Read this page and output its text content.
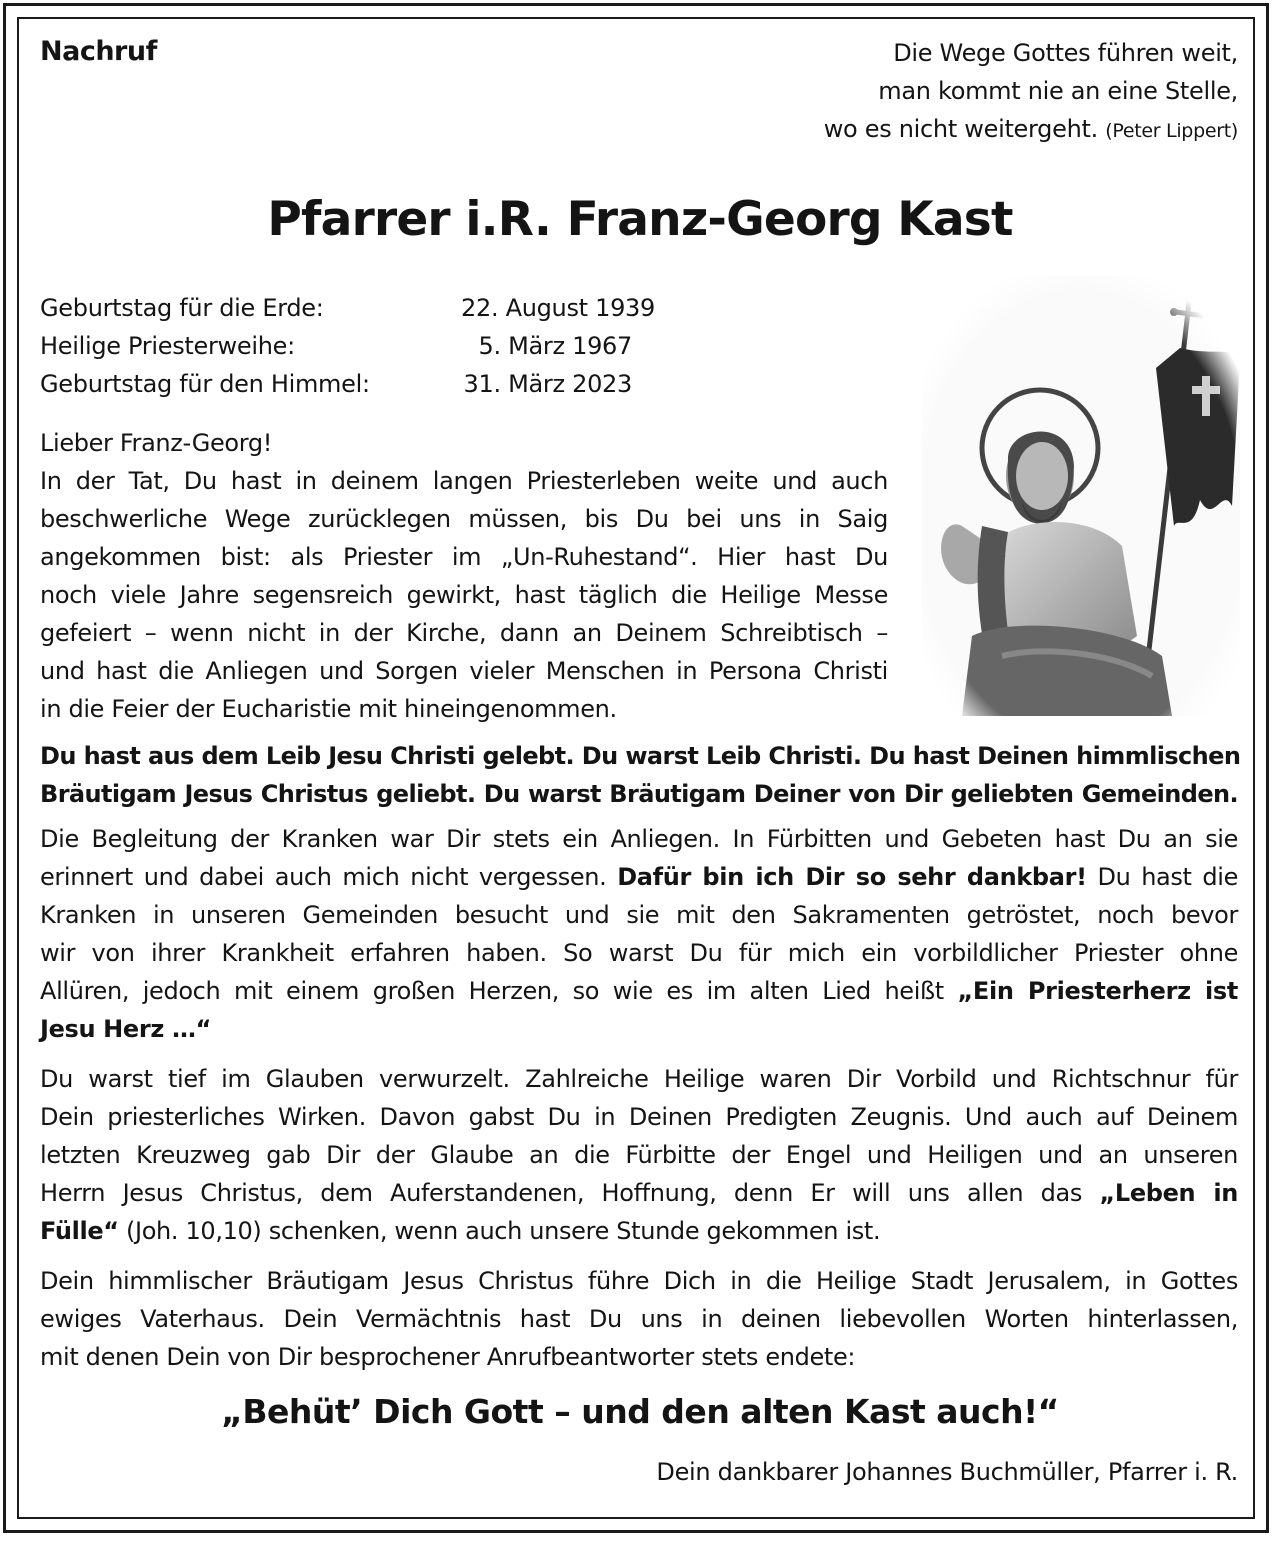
Nachruf	Die Wege Gottes führen weit,
man kommt nie an eine Stelle,
wo es nicht weitergeht. (Peter Lippert)
Pfarrer i.R. Franz-Georg Kast
Geburtstag für die Erde:	22. August 1939
Heilige Priesterweihe:	5. März 1967
Geburtstag für den Himmel:	31. März 2023
Lieber Franz-Georg!
In der Tat, Du hast in deinem langen Priesterleben weite und auch
beschwerliche Wege zurücklegen müssen, bis Du bei uns in Saig
angekommen bist: als Priester im „Un-Ruhestand“. Hier hast Du
noch viele Jahre segensreich gewirkt, hast täglich die Heilige Messe
gefeiert – wenn nicht in der Kirche, dann an Deinem Schreibtisch –
und hast die Anliegen und Sorgen vieler Menschen in Persona Christi
in die Feier der Eucharistie mit hineingenommen.
Du hast aus dem Leib Jesu Christi gelebt. Du warst Leib Christi. Du hast Deinen himmlischen
Bräutigam Jesus Christus geliebt. Du warst Bräutigam Deiner von Dir geliebten Gemeinden.
Die Begleitung der Kranken war Dir stets ein Anliegen. In Fürbitten und Gebeten hast Du an sie
erinnert und dabei auch mich nicht vergessen. Dafür bin ich Dir so sehr dankbar! Du hast die
Kranken in unseren Gemeinden besucht und sie mit den Sakramenten getröstet, noch bevor
wir von ihrer Krankheit erfahren haben. So warst Du für mich ein vorbildlicher Priester ohne
Allüren, jedoch mit einem großen Herzen, so wie es im alten Lied heißt „Ein Priesterherz ist
Jesu Herz …“
Du warst tief im Glauben verwurzelt. Zahlreiche Heilige waren Dir Vorbild und Richtschnur für
Dein priesterliches Wirken. Davon gabst Du in Deinen Predigten Zeugnis. Und auch auf Deinem
letzten Kreuzweg gab Dir der Glaube an die Fürbitte der Engel und Heiligen und an unseren
Herrn Jesus Christus, dem Auferstandenen, Hoffnung, denn Er will uns allen das „Leben in
Fülle“ (Joh. 10,10) schenken, wenn auch unsere Stunde gekommen ist.
Dein himmlischer Bräutigam Jesus Christus führe Dich in die Heilige Stadt Jerusalem, in Gottes
ewiges Vaterhaus. Dein Vermächtnis hast Du uns in deinen liebevollen Worten hinterlassen,
mit denen Dein von Dir besprochener Anrufbeantworter stets endete:
„Behüt’ Dich Gott – und den alten Kast auch!“
Dein dankbarer Johannes Buchmüller, Pfarrer i. R.
